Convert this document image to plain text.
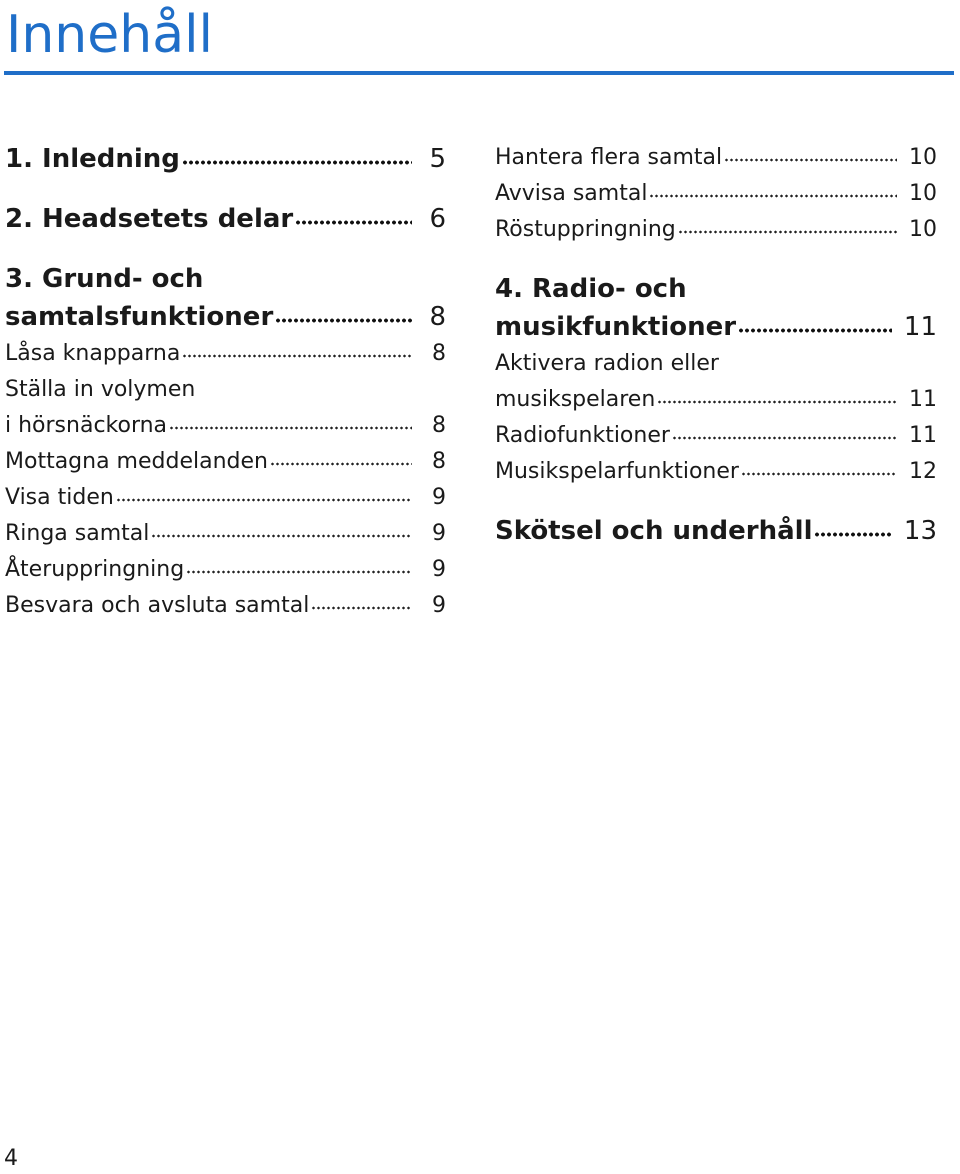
Innehåll
1. Inledning	5
2. Headsetets delar	6
3. Grund- och
samtalsfunktioner	8
Låsa knapparna	8
Ställa in volymen
i hörsnäckorna	8
Mottagna meddelanden	8
Visa tiden	9
Ringa samtal	9
Återuppringning	9
Besvara och avsluta samtal	9
Hantera flera samtal	10
Avvisa samtal	10
Röstuppringning	10
4. Radio- och
musikfunktioner	11
Aktivera radion eller
musikspelaren	11
Radiofunktioner	11
Musikspelarfunktioner	12
Skötsel och underhåll	13
4
